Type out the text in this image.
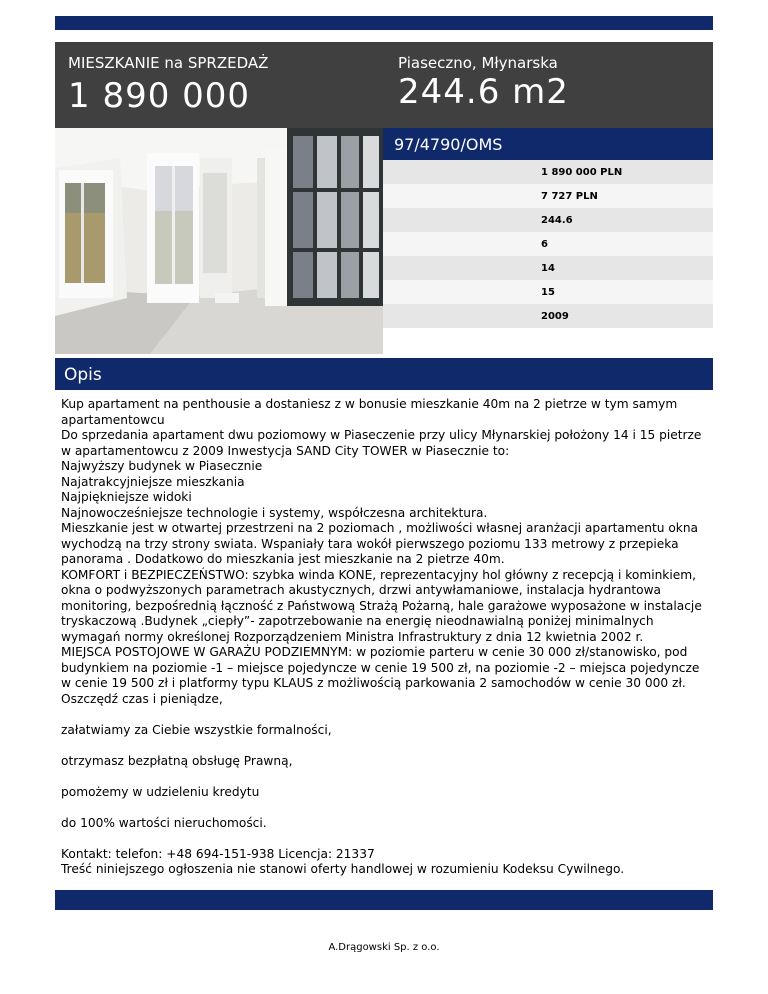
MIESZKANIE na SPRZEDAŻ
1 890 000
Piaseczno, Młynarska
244.6 m2
97/4790/OMS
1 890 000 PLN
7 727 PLN
244.6
6
14
15
2009
Opis

Kup apartament na penthousie a dostaniesz z w bonusie mieszkanie 40m na 2 pietrze w tym samym apartamentowcu

Do sprzedania apartament dwu poziomowy w Piaseczenie przy ulicy Młynarskiej położony 14 i 15 pietrze w apartamentowcu z 2009 Inwestycja SAND City TOWER w Piasecznie to:

Najwyższy budynek w Piasecznie

Najatrakcyjniejsze mieszkania

Najpiękniejsze widoki

Najnowocześniejsze technologie i systemy, współczesna architektura.

Mieszkanie jest w otwartej przestrzeni na 2 poziomach , możliwości własnej aranżacji apartamentu okna wychodzą na trzy strony swiata. Wspaniały tara wokół pierwszego poziomu 133 metrowy z przepieka panorama . Dodatkowo do mieszkania jest mieszkanie na 2 pietrze 40m.

KOMFORT i BEZPIECZEŃSTWO: szybka winda KONE, reprezentacyjny hol główny z recepcją i kominkiem, okna o podwyższonych parametrach akustycznych, drzwi antywłamaniowe, instalacja hydrantowa monitoring, bezpośrednią łączność z Państwową Strażą Pożarną, hale garażowe wyposażone w instalacje tryskaczową .Budynek „ciepły”- zapotrzebowanie na energię nieodnawialną poniżej minimalnych wymagań normy określonej Rozporządzeniem Ministra Infrastruktury z dnia 12 kwietnia 2002 r.

MIEJSCA POSTOJOWE W GARAŻU PODZIEMNYM: w poziomie parteru w cenie 30 000 zł/stanowisko, pod budynkiem na poziomie -1 – miejsce pojedyncze w cenie 19 500 zł, na poziomie -2 – miejsca pojedyncze w cenie 19 500 zł i platformy typu KLAUS z możliwością parkowania 2 samochodów w cenie 30 000 zł.

Oszczędź czas i pieniądze,

załatwiamy za Ciebie wszystkie formalności,

otrzymasz bezpłatną obsługę Prawną,

pomożemy w udzieleniu kredytu

do 100% wartości nieruchomości.

Kontakt: telefon: +48 694-151-938 Licencja: 21337

Treść niniejszego ogłoszenia nie stanowi oferty handlowej w rozumieniu Kodeksu Cywilnego.

A.Drągowski Sp. z o.o.
